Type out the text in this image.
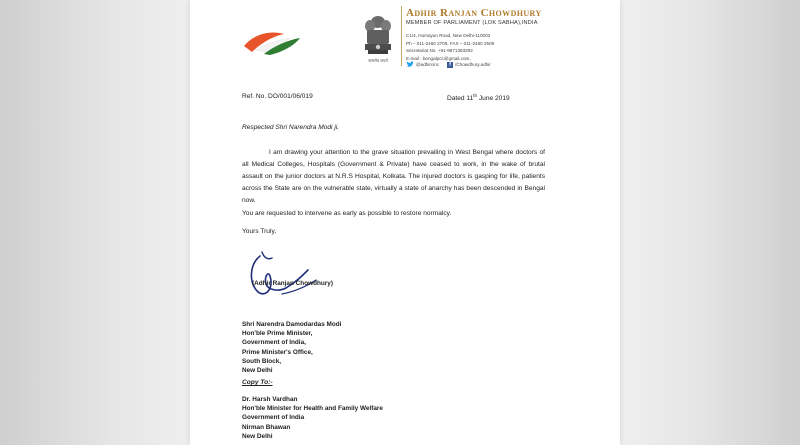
सत्यमेव जयते
Adhir Ranjan Chowdhury
MEMBER OF PARLIAMENT (LOK SABHA),INDIA
C1/4, Humayun Road, New Delhi-110003
Ph – 011-2460 2709, FAX – 011-2460 2509
Secretariat No. +91-9871393292
E-mail : bengalpcc@gmail.com,
@adhircinc	f /Chowdhury.adhir
Ref. No. DO/001/06/019	Dated 11th June 2019
Respected Shri Narendra Modi ji,
I am drawing your attention to the grave situation prevailing in West Bengal where doctors of all Medical Colleges, Hospitals (Government & Private) have ceased to work, in the wake of brutal assault on the junior doctors at N.R.S Hospital, Kolkata. The injured doctors is gasping for life, patients across the State are on the vulnerable state, virtually a state of anarchy has been descended in Bengal now.
You are requested to intervene as early as possible to restore normalcy.
Yours Truly,
(Adhir Ranjan Chowdhury)
Shri Narendra Damodardas Modi
Hon'ble Prime Minister,
Government of India,
Prime Minister's Office,
South Block,
New Delhi
Copy To:-
Dr. Harsh Vardhan
Hon'ble Minister for Health and Family Welfare
Government of India
Nirman Bhawan
New Delhi
